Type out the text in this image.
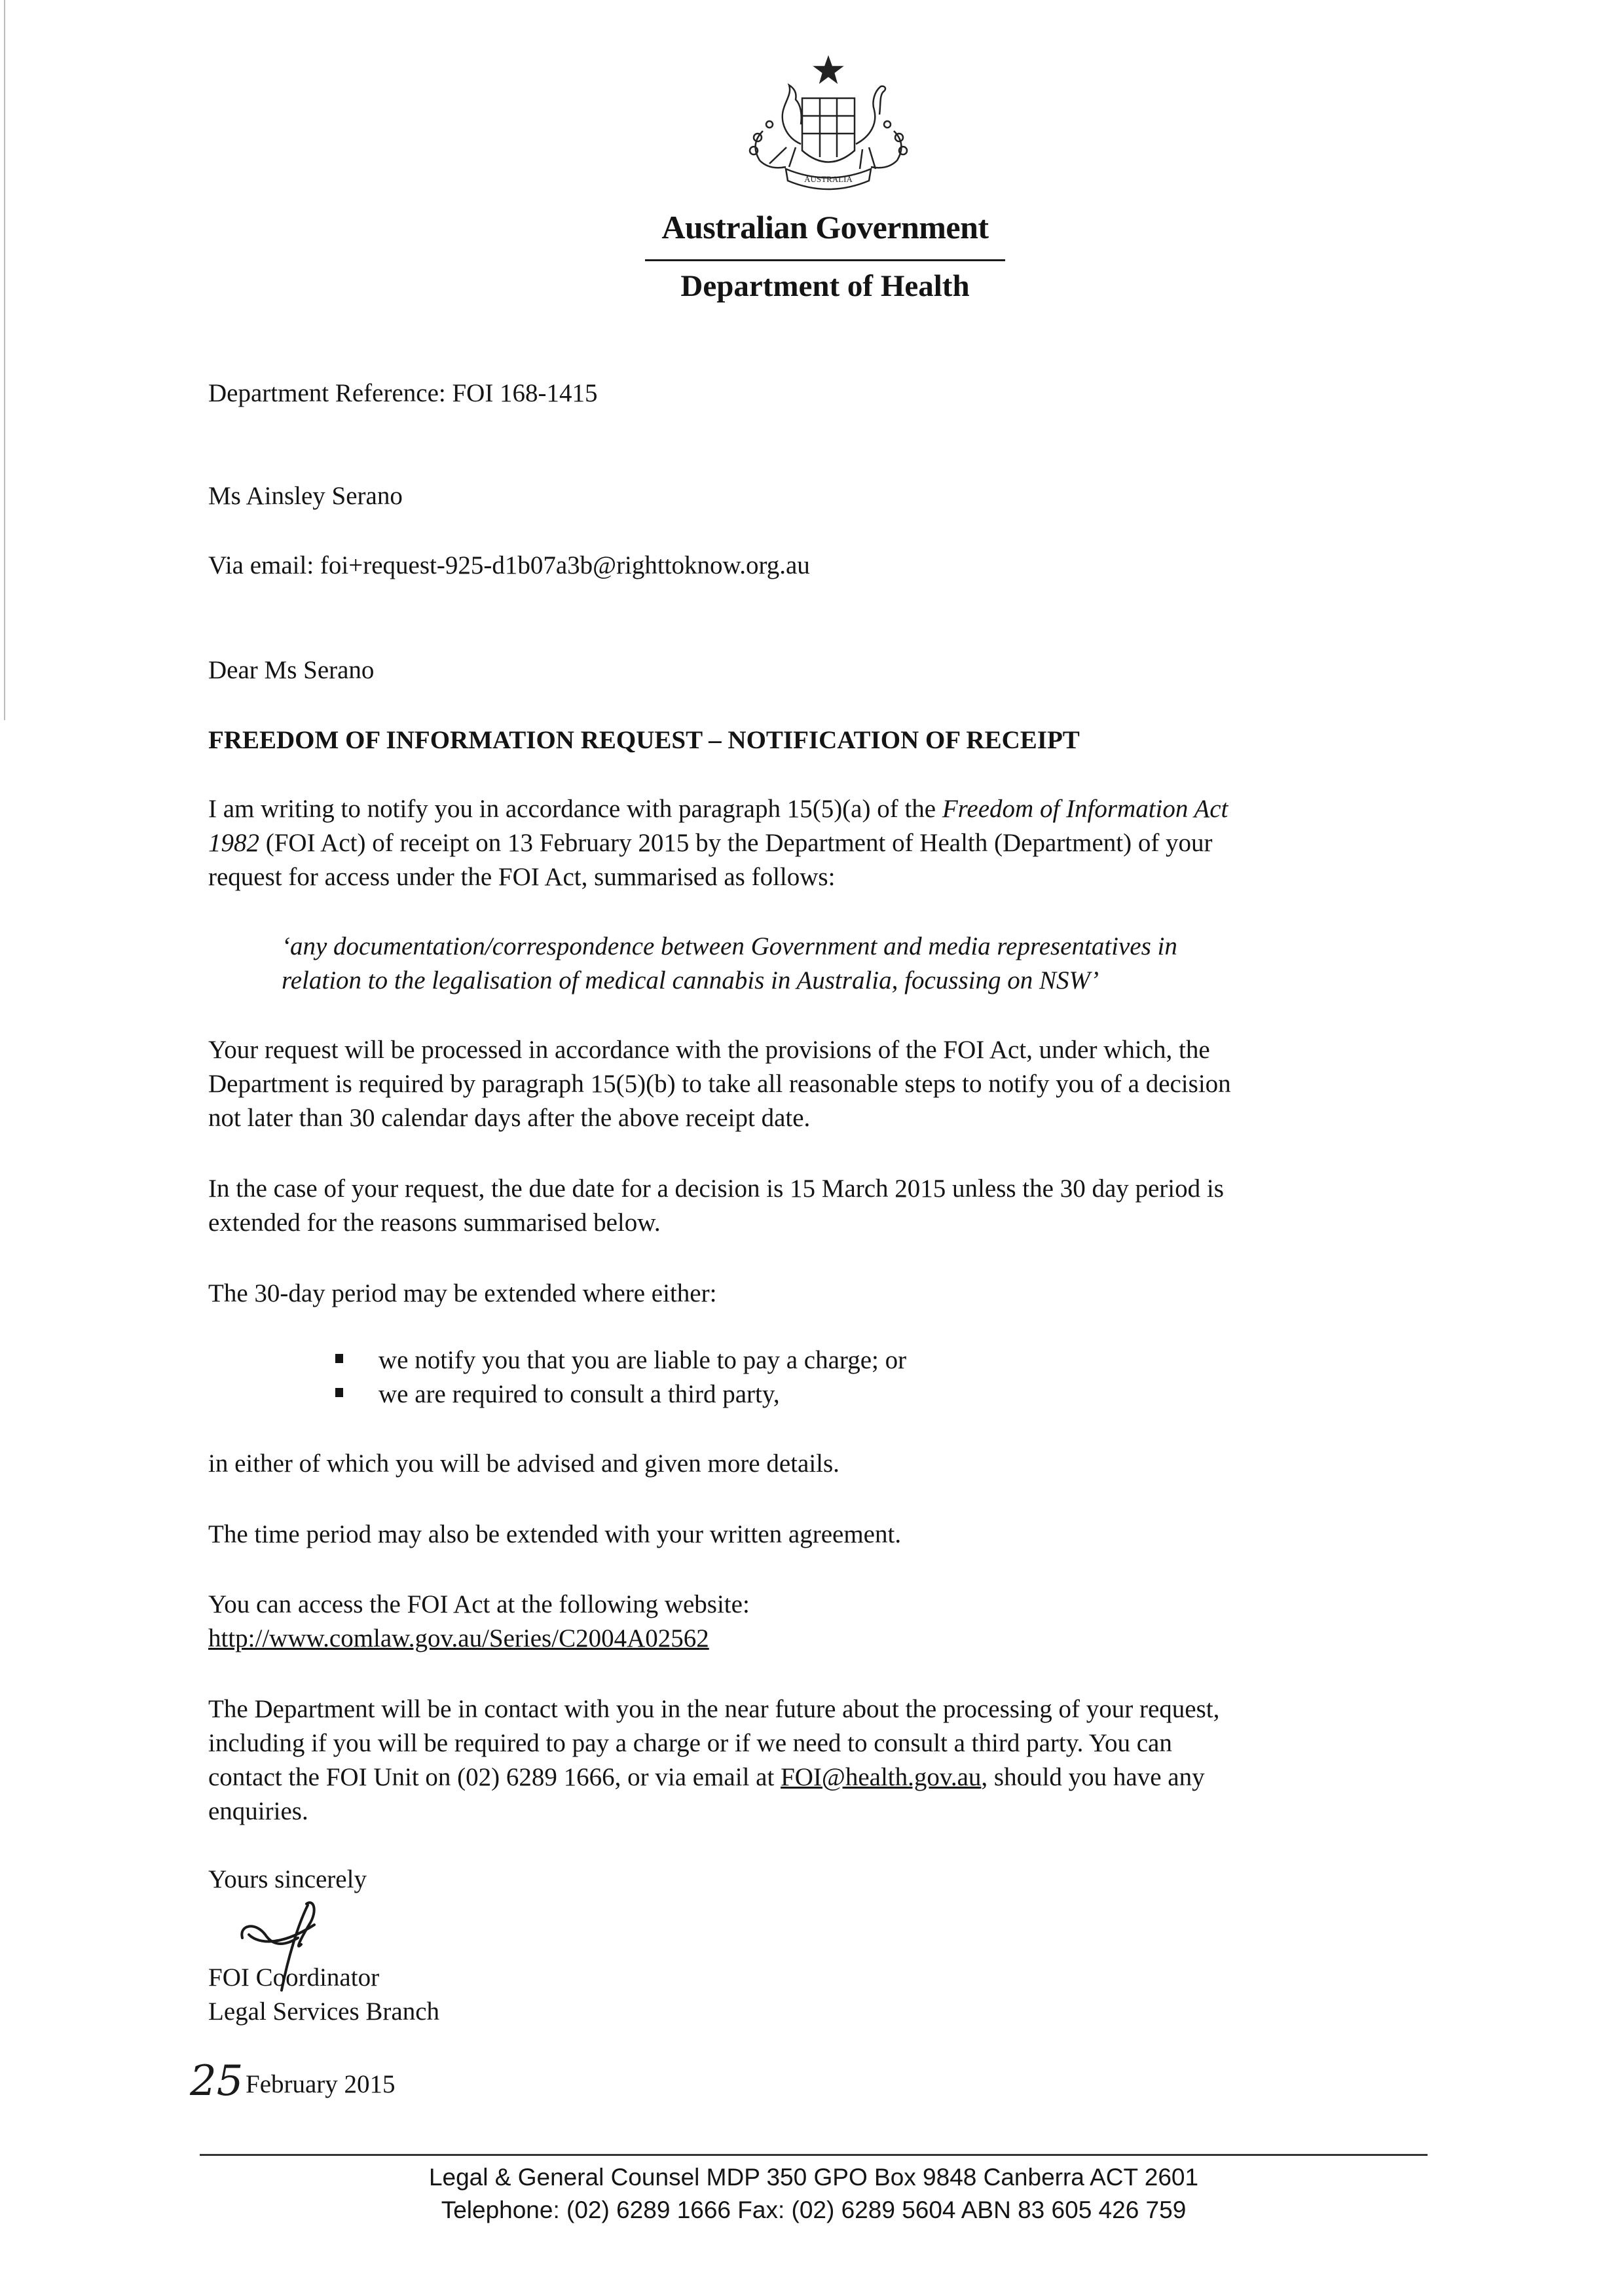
AUSTRALIA
Australian Government
Department of Health
Department Reference: FOI 168-1415
Ms Ainsley Serano
Via email: foi+request-925-d1b07a3b@righttoknow.org.au
Dear Ms Serano
FREEDOM OF INFORMATION REQUEST – NOTIFICATION OF RECEIPT
I am writing to notify you in accordance with paragraph 15(5)(a) of the Freedom of Information Act
1982 (FOI Act) of receipt on 13 February 2015 by the Department of Health (Department) of your
request for access under the FOI Act, summarised as follows:
‘any documentation/correspondence between Government and media representatives in
relation to the legalisation of medical cannabis in Australia, focussing on NSW’
Your request will be processed in accordance with the provisions of the FOI Act, under which, the
Department is required by paragraph 15(5)(b) to take all reasonable steps to notify you of a decision
not later than 30 calendar days after the above receipt date.
In the case of your request, the due date for a decision is 15 March 2015 unless the 30 day period is
extended for the reasons summarised below.
The 30-day period may be extended where either:
we notify you that you are liable to pay a charge; or
we are required to consult a third party,
in either of which you will be advised and given more details.
The time period may also be extended with your written agreement.
You can access the FOI Act at the following website:
http://www.comlaw.gov.au/Series/C2004A02562
The Department will be in contact with you in the near future about the processing of your request,
including if you will be required to pay a charge or if we need to consult a third party. You can
contact the FOI Unit on (02) 6289 1666, or via email at FOI@health.gov.au, should you have any
enquiries.
Yours sincerely
FOI Coordinator
Legal Services Branch
25 February 2015
Legal & General Counsel MDP 350 GPO Box 9848 Canberra ACT 2601
Telephone: (02) 6289 1666 Fax: (02) 6289 5604 ABN 83 605 426 759
